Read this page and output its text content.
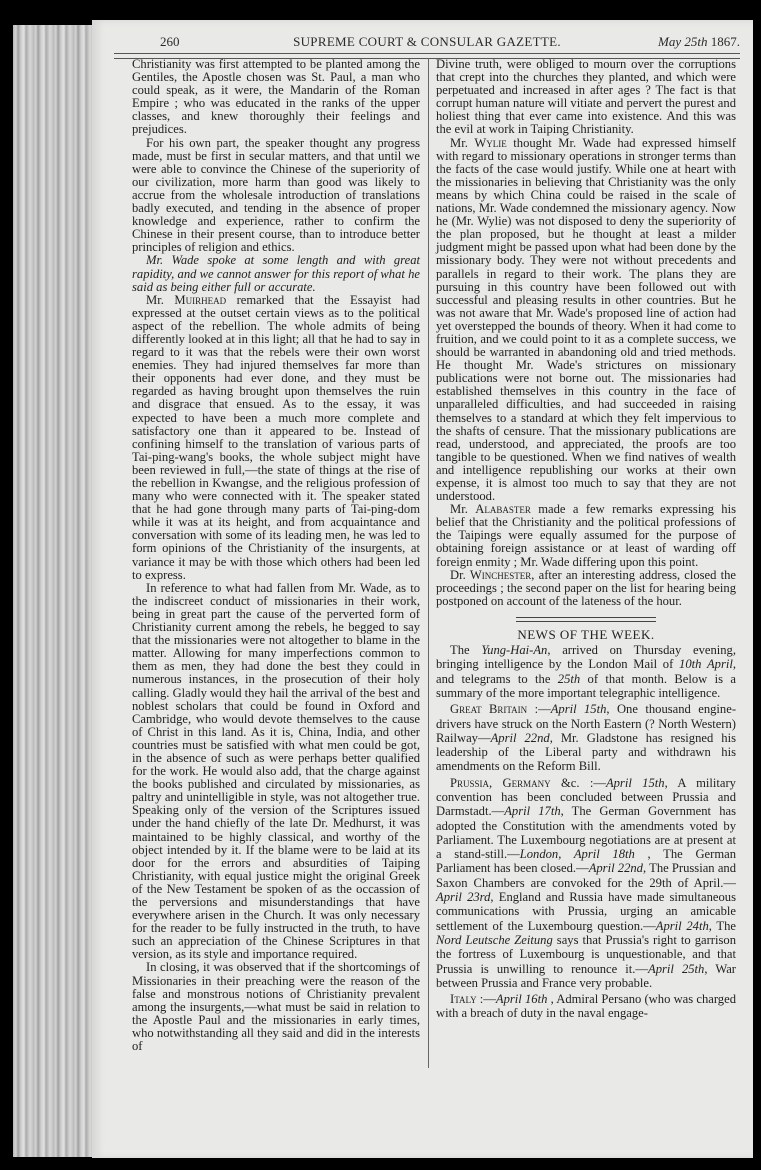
260	SUPREME COURT & CONSULAR GAZETTE.	May 25th 1867.

Christianity was first attempted to be planted among the Gentiles, the Apostle chosen was St. Paul, a man who could speak, as it were, the Mandarin of the Roman Empire ; who was educated in the ranks of the upper classes, and knew thoroughly their feelings and prejudices.

For his own part, the speaker thought any progress made, must be first in secular matters, and that until we were able to convince the Chinese of the superiority of our civilization, more harm than good was likely to accrue from the wholesale introduction of translations badly executed, and tending in the absence of proper knowledge and experience, rather to confirm the Chinese in their present course, than to introduce better principles of religion and ethics.

Mr. Wade spoke at some length and with great rapidity, and we cannot answer for this report of what he said as being either full or accurate.

Mr. Muirhead remarked that the Essayist had expressed at the outset certain views as to the political aspect of the rebellion. The whole admits of being differently looked at in this light; all that he had to say in regard to it was that the rebels were their own worst enemies. They had injured themselves far more than their opponents had ever done, and they must be regarded as having brought upon themselves the ruin and disgrace that ensued. As to the essay, it was expected to have been a much more complete and satisfactory one than it appeared to be. Instead of confining himself to the translation of various parts of Tai-ping-wang's books, the whole subject might have been reviewed in full,—the state of things at the rise of the rebellion in Kwangse, and the religious profession of many who were connected with it. The speaker stated that he had gone through many parts of Tai-ping-dom while it was at its height, and from acquaintance and conversation with some of its leading men, he was led to form opinions of the Christianity of the insurgents, at variance it may be with those which others had been led to express.

In reference to what had fallen from Mr. Wade, as to the indiscreet conduct of missionaries in their work, being in great part the cause of the perverted form of Christianity current among the rebels, he begged to say that the missionaries were not altogether to blame in the matter. Allowing for many imperfections common to them as men, they had done the best they could in numerous instances, in the prosecution of their holy calling. Gladly would they hail the arrival of the best and noblest scholars that could be found in Oxford and Cambridge, who would devote themselves to the cause of Christ in this land. As it is, China, India, and other countries must be satisfied with what men could be got, in the absence of such as were perhaps better qualified for the work. He would also add, that the charge against the books published and circulated by missionaries, as paltry and unintelligible in style, was not altogether true. Speaking only of the version of the Scriptures issued under the hand chiefly of the late Dr. Medhurst, it was maintained to be highly classical, and worthy of the object intended by it. If the blame were to be laid at its door for the errors and absurdities of Taiping Christianity, with equal justice might the original Greek of the New Testament be spoken of as the occassion of the perversions and misunderstandings that have everywhere arisen in the Church. It was only necessary for the reader to be fully instructed in the truth, to have such an appreciation of the Chinese Scriptures in that version, as its style and importance required.

In closing, it was observed that if the shortcomings of Missionaries in their preaching were the reason of the false and monstrous notions of Christianity prevalent among the insurgents,—what must be said in relation to the Apostle Paul and the missionaries in early times, who notwithstanding all they said and did in the interests of

Divine truth, were obliged to mourn over the corruptions that crept into the churches they planted, and which were perpetuated and increased in after ages ? The fact is that corrupt human nature will vitiate and pervert the purest and holiest thing that ever came into existence. And this was the evil at work in Taiping Christianity.

Mr. Wylie thought Mr. Wade had expressed himself with regard to missionary operations in stronger terms than the facts of the case would justify. While one at heart with the missionaries in believing that Christianity was the only means by which China could be raised in the scale of nations, Mr. Wade condemned the missionary agency. Now he (Mr. Wylie) was not disposed to deny the superiority of the plan proposed, but he thought at least a milder judgment might be passed upon what had been done by the missionary body. They were not without precedents and parallels in regard to their work. The plans they are pursuing in this country have been followed out with successful and pleasing results in other countries. But he was not aware that Mr. Wade's proposed line of action had yet overstepped the bounds of theory. When it had come to fruition, and we could point to it as a complete success, we should be warranted in abandoning old and tried methods. He thought Mr. Wade's strictures on missionary publications were not borne out. The missionaries had established themselves in this country in the face of unparalleled difficulties, and had succeeded in raising themselves to a standard at which they felt impervious to the shafts of censure. That the missionary publications are read, understood, and appreciated, the proofs are too tangible to be questioned. When we find natives of wealth and intelligence republishing our works at their own expense, it is almost too much to say that they are not understood.

Mr. Alabaster made a few remarks expressing his belief that the Christianity and the political professions of the Taipings were equally assumed for the purpose of obtaining foreign assistance or at least of warding off foreign enmity ; Mr. Wade differing upon this point.

Dr. Winchester, after an interesting address, closed the proceedings ; the second paper on the list for hearing being postponed on account of the lateness of the hour.

NEWS OF THE WEEK.

The Yung-Hai-An, arrived on Thursday evening, bringing intelligence by the London Mail of 10th April, and telegrams to the 25th of that month. Below is a summary of the more important telegraphic intelligence.

Great Britain :—April 15th, One thousand engine-drivers have struck on the North Eastern (? North Western) Railway—April 22nd, Mr. Gladstone has resigned his leadership of the Liberal party and withdrawn his amendments on the Reform Bill.

Prussia, Germany &c. :—April 15th, A military convention has been concluded between Prussia and Darmstadt.—April 17th, The German Government has adopted the Constitution with the amendments voted by Parliament. The Luxembourg negotiations are at present at a stand-still.—London, April 18th , The German Parliament has been closed.—April 22nd, The Prussian and Saxon Chambers are convoked for the 29th of April.—April 23rd, England and Russia have made simultaneous communications with Prussia, urging an amicable settlement of the Luxembourg question.—April 24th, The Nord Leutsche Zeitung says that Prussia's right to garrison the fortress of Luxembourg is unquestionable, and that Prussia is unwilling to renounce it.—April 25th, War between Prussia and France very probable.

Italy :—April 16th , Admiral Persano (who was charged with a breach of duty in the naval engage-
